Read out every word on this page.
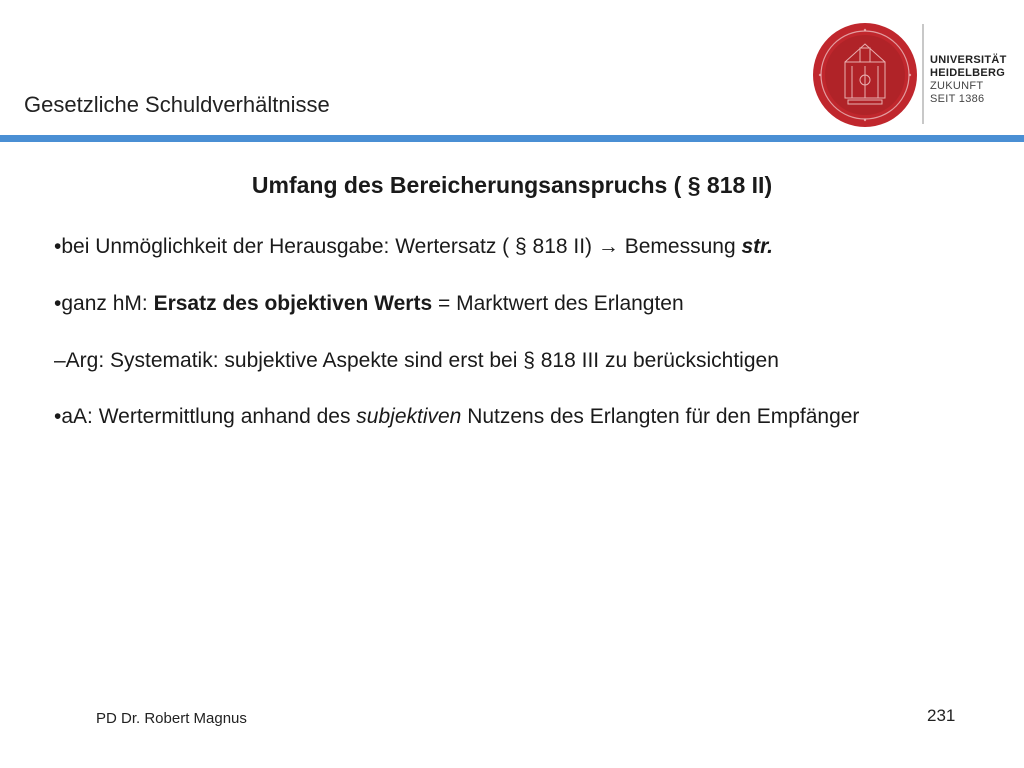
Gesetzliche Schuldverhältnisse
UNIVERSITÄT
HEIDELBERG
ZUKUNFT
SEIT 1386
Umfang des Bereicherungsanspruchs ( § 818 II)
•bei Unmöglichkeit der Herausgabe: Wertersatz ( § 818 II) → Bemessung str.
•ganz hM: Ersatz des objektiven Werts = Marktwert des Erlangten
–Arg: Systematik: subjektive Aspekte sind erst bei § 818 III zu berücksichtigen
•aA: Wertermittlung anhand des subjektiven Nutzens des Erlangten für den Empfänger
PD Dr. Robert Magnus	231
